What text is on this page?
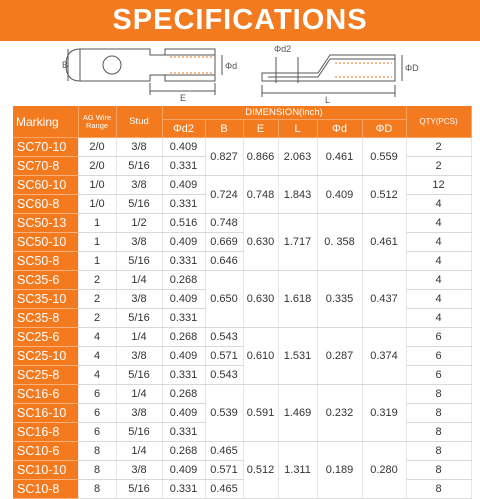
SPECIFICATIONS
B	Φd
E
Φd2
ΦD
L
Marking	AG Wire Range	Stud	DIMENSION(inch)						QTY(PCS)
			Φd2	B	E	L	Φd	ΦD	
SC70-10	2/0	3/8	0.409	0.827	0.866	2.063	0.461	0.559	2
SC70-8	2/0	5/16	0.331						2
SC60-10	1/0	3/8	0.409	0.724	0.748	1.843	0.409	0.512	12
SC60-8	1/0	5/16	0.331						4
SC50-13	1	1/2	0.516	0.748	0.630	1.717	0. 358	0.461	4
SC50-10	1	3/8	0.409	0.669					4
SC50-8	1	5/16	0.331	0.646					4
SC35-6	2	1/4	0.268	0.650	0.630	1.618	0.335	0.437	4
SC35-10	2	3/8	0.409						4
SC35-8	2	5/16	0.331						4
SC25-6	4	1/4	0.268	0.543	0.610	1.531	0.287	0.374	6
SC25-10	4	3/8	0.409	0.571					6
SC25-8	4	5/16	0.331	0.543					6
SC16-6	6	1/4	0.268	0.539	0.591	1.469	0.232	0.319	8
SC16-10	6	3/8	0.409						8
SC16-8	6	5/16	0.331						8
SC10-6	8	1/4	0.268	0.465	0.512	1.311	0.189	0.280	8
SC10-10	8	3/8	0.409	0.571					8
SC10-8	8	5/16	0.331	0.465					8
